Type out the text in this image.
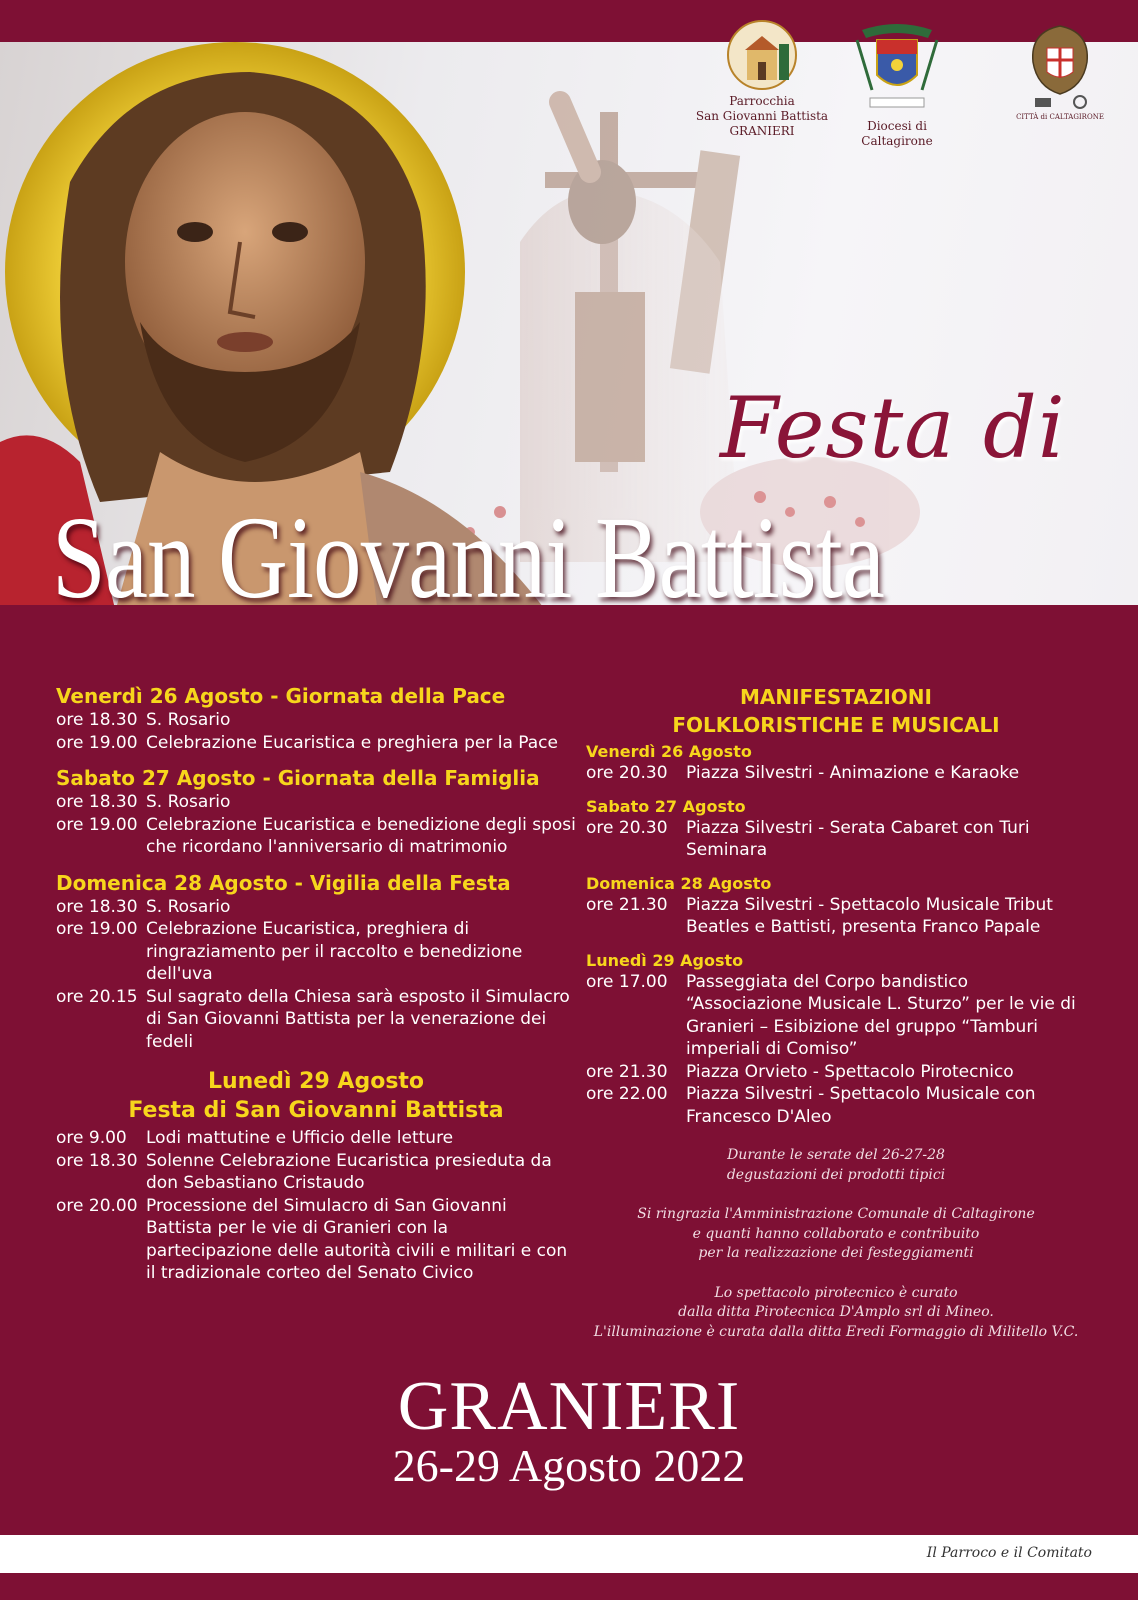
Parrocchia
San Giovanni Battista
GRANIERI	Diocesi di Caltagirone
CITTÀ di CALTAGIRONE
Festa di
San Giovanni Battista
Venerdì 26 Agosto - Giornata della Pace
ore 18.30 S. Rosario
ore 19.00 Celebrazione Eucaristica e preghiera per la Pace
Sabato 27 Agosto - Giornata della Famiglia
ore 18.30 S. Rosario
ore 19.00 Celebrazione Eucaristica e benedizione degli sposi che ricordano l'anniversario di matrimonio
Domenica 28 Agosto - Vigilia della Festa
ore 18.30 S. Rosario
ore 19.00 Celebrazione Eucaristica, preghiera di ringraziamento per il raccolto e benedizione dell'uva
ore 20.15 Sul sagrato della Chiesa sarà esposto il Simulacro di San Giovanni Battista per la venerazione dei fedeli
Lunedì 29 Agosto
Festa di San Giovanni Battista
ore 9.00	Lodi mattutine e Ufficio delle letture
ore 18.30 Solenne Celebrazione Eucaristica presieduta da don Sebastiano Cristaudo
ore 20.00 Processione del Simulacro di San Giovanni Battista per le vie di Granieri con la partecipazione delle autorità civili e militari e con il tradizionale corteo del Senato Civico
MANIFESTAZIONI
FOLKLORISTICHE E MUSICALI
Venerdì 26 Agosto
ore 20.30	Piazza Silvestri - Animazione e Karaoke
Sabato 27 Agosto
ore 20.30	Piazza Silvestri - Serata Cabaret con Turi Seminara
Domenica 28 Agosto
ore 21.30	Piazza Silvestri - Spettacolo Musicale Tribut Beatles e Battisti, presenta Franco Papale
Lunedì 29 Agosto
ore 17.00	Passeggiata del Corpo bandistico “Associazione Musicale L. Sturzo” per le vie di Granieri – Esibizione del gruppo “Tamburi imperiali di Comiso”
ore 21.30	Piazza Orvieto - Spettacolo Pirotecnico
ore 22.00	Piazza Silvestri - Spettacolo Musicale con Francesco D'Aleo
Durante le serate del 26-27-28
degustazioni dei prodotti tipici
Si ringrazia l'Amministrazione Comunale di Caltagirone
e quanti hanno collaborato e contribuito
per la realizzazione dei festeggiamenti
Lo spettacolo pirotecnico è curato
dalla ditta Pirotecnica D'Amplo srl di Mineo.
L'illuminazione è curata dalla ditta Eredi Formaggio di Militello V.C.
GRANIERI
26-29 Agosto 2022
Il Parroco e il Comitato
